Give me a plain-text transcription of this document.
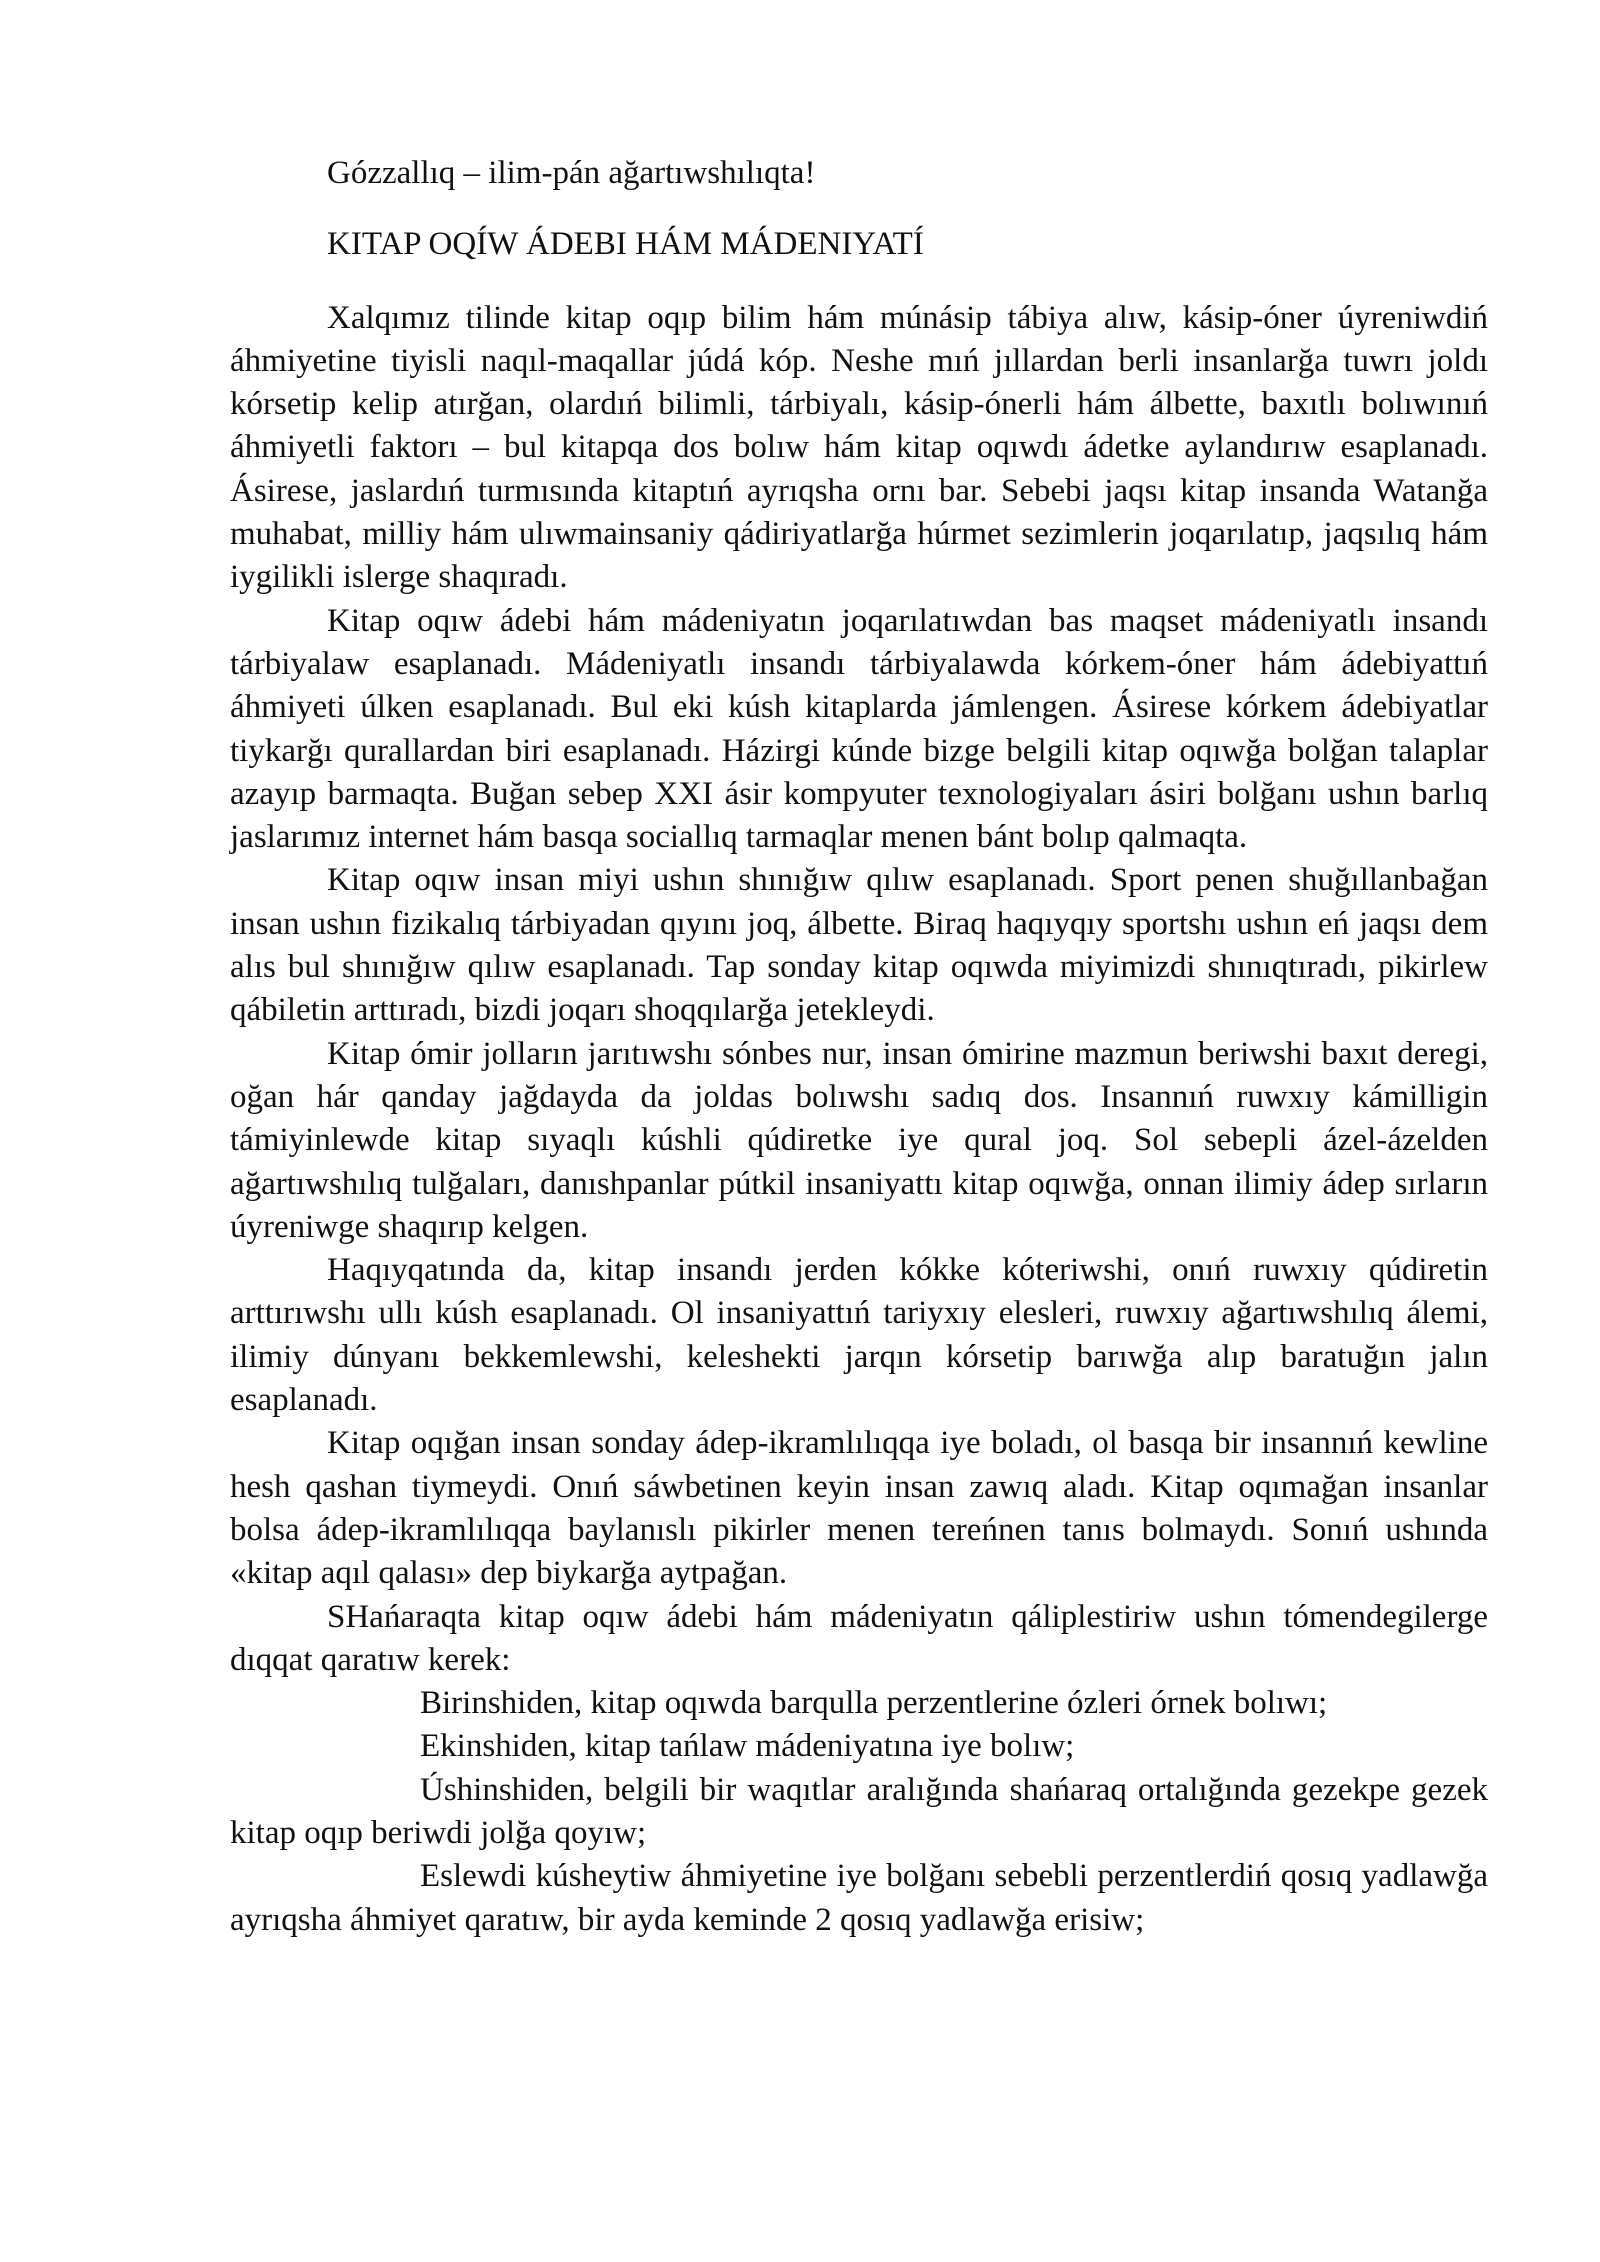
Gózzallıq – ilim-pán ağartıwshılıqta!

KITAP OQÍW ÁDEBI HÁM MÁDENIYATÍ

Xalqımız tilinde kitap oqıp bilim hám múnásip tábiya alıw, kásip-óner úyreniwdiń áhmiyetine tiyisli naqıl-maqallar júdá kóp. Neshe mıń jıllardan berli insanlarğa tuwrı joldı kórsetip kelip atırğan, olardıń bilimli, tárbiyalı, kásip-ónerli hám álbette, baxıtlı bolıwınıń áhmiyetli faktorı – bul kitapqa dos bolıw hám kitap oqıwdı ádetke aylandırıw esaplanadı. Ásirese, jaslardıń turmısında kitaptıń ayrıqsha ornı bar. Sebebi jaqsı kitap insanda Watanğa muhabat, milliy hám ulıwmainsaniy qádiriyatlarğa húrmet sezimlerin joqarılatıp, jaqsılıq hám iygilikli islerge shaqıradı.

Kitap oqıw ádebi hám mádeniyatın joqarılatıwdan bas maqset mádeniyatlı insandı tárbiyalaw esaplanadı. Mádeniyatlı insandı tárbiyalawda kórkem-óner hám ádebiyattıń áhmiyeti úlken esaplanadı. Bul eki kúsh kitaplarda jámlengen. Ásirese kórkem ádebiyatlar tiykarğı qurallardan biri esaplanadı. Házirgi kúnde bizge belgili kitap oqıwğa bolğan talaplar azayıp barmaqta. Buğan sebep XXI ásir kompyuter texnologiyaları ásiri bolğanı ushın barlıq jaslarımız internet hám basqa sociallıq tarmaqlar menen bánt bolıp qalmaqta.

Kitap oqıw insan miyi ushın shınığıw qılıw esaplanadı. Sport penen shuğıllanbağan insan ushın fizikalıq tárbiyadan qıyını joq, álbette. Biraq haqıyqıy sportshı ushın eń jaqsı dem alıs bul shınığıw qılıw esaplanadı. Tap sonday kitap oqıwda miyimizdi shınıqtıradı, pikirlew qábiletin arttıradı, bizdi joqarı shoqqılarğa jetekleydi.

Kitap ómir jolların jarıtıwshı sónbes nur, insan ómirine mazmun beriwshi baxıt deregi, oğan hár qanday jağdayda da joldas bolıwshı sadıq dos. Insannıń ruwxıy kámilligin támiyinlewde kitap sıyaqlı kúshli qúdiretke iye qural joq. Sol sebepli ázel-ázelden ağartıwshılıq tulğaları, danıshpanlar pútkil insaniyattı kitap oqıwğa, onnan ilimiy ádep sırların úyreniwge shaqırıp kelgen.

Haqıyqatında da, kitap insandı jerden kókke kóteriwshi, onıń ruwxıy qúdiretin arttırıwshı ullı kúsh esaplanadı. Ol insaniyattıń tariyxıy elesleri, ruwxıy ağartıwshılıq álemi, ilimiy dúnyanı bekkemlewshi, keleshekti jarqın kórsetip barıwğa alıp baratuğın jalın esaplanadı.

Kitap oqığan insan sonday ádep-ikramlılıqqa iye boladı, ol basqa bir insannıń kewline hesh qashan tiymeydi. Onıń sáwbetinen keyin insan zawıq aladı. Kitap oqımağan insanlar bolsa ádep-ikramlılıqqa baylanıslı pikirler menen tereńnen tanıs bolmaydı. Sonıń ushında «kitap aqıl qalası» dep biykarğa aytpağan.

SHańaraqta kitap oqıw ádebi hám mádeniyatın qáliplestiriw ushın tómendegilerge dıqqat qaratıw kerek:

Birinshiden, kitap oqıwda barqulla perzentlerine ózleri órnek bolıwı;

Ekinshiden, kitap tańlaw mádeniyatına iye bolıw;

Úshinshiden, belgili bir waqıtlar aralığında shańaraq ortalığında gezekpe gezek kitap oqıp beriwdi jolğa qoyıw;

Eslewdi kúsheytiw áhmiyetine iye bolğanı sebebli perzentlerdiń qosıq yadlawğa ayrıqsha áhmiyet qaratıw, bir ayda keminde 2 qosıq yadlawğa erisiw;
